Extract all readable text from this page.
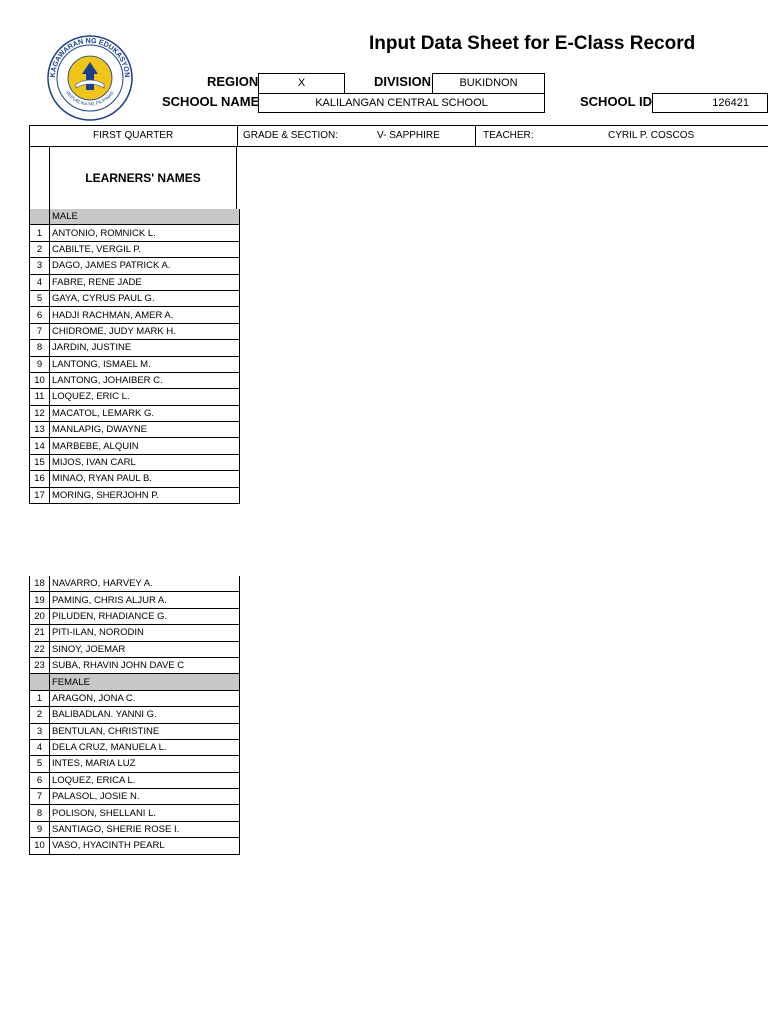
KAGAWARAN NG EDUKASYON
REPUBLIKA NG PILIPINAS
Input Data Sheet for E-Class Record
REGION	X	DIVISION	BUKIDNON
SCHOOL NAME	KALILANGAN CENTRAL SCHOOL	SCHOOL ID	126421
FIRST QUARTER	GRADE & SECTION:	V- SAPPHIRE	TEACHER:	CYRIL P. COSCOS
LEARNERS' NAMES
	MALE
1	ANTONIO, ROMNICK L.
2	CABILTE, VERGIL P.
3	DAGO, JAMES PATRICK A.
4	FABRE, RENE JADE
5	GAYA, CYRUS PAUL G.
6	HADJI RACHMAN, AMER A.
7	CHIDROME, JUDY MARK H.
8	JARDIN, JUSTINE
9	LANTONG, ISMAEL M.
10	LANTONG, JOHAIBER C.
11	LOQUEZ, ERIC L.
12	MACATOL, LEMARK G.
13	MANLAPIG, DWAYNE
14	MARBEBE, ALQUIN
15	MIJOS, IVAN CARL
16	MINAO, RYAN PAUL B.
17	MORING, SHERJOHN P.
18	NAVARRO, HARVEY A.
19	PAMING, CHRIS ALJUR A.
20	PILUDEN, RHADIANCE G.
21	PITI-ILAN, NORODIN
22	SINOY, JOEMAR
23	SUBA, RHAVIN JOHN DAVE C
	FEMALE
1	ARAGON, JONA C.
2	BALIBADLAN. YANNI G.
3	BENTULAN, CHRISTINE
4	DELA CRUZ, MANUELA L.
5	INTES, MARIA LUZ
6	LOQUEZ, ERICA L.
7	PALASOL, JOSIE N.
8	POLISON, SHELLANI L.
9	SANTIAGO, SHERIE ROSE I.
10	VASO, HYACINTH PEARL
